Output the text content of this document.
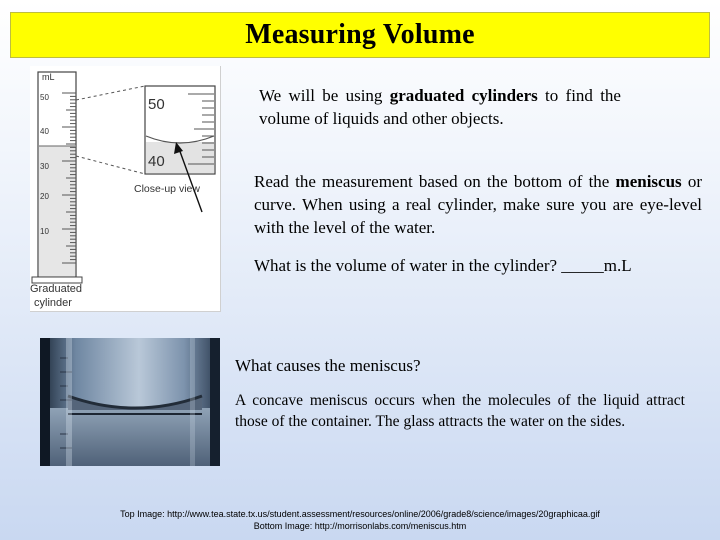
Measuring Volume
mL
50
40
30
20
10
50
40
Close-up view
Graduated
cylinder
We will be using graduated cylinders to find the volume of liquids and other objects.
Read the measurement based on the bottom of the meniscus or curve. When using a real cylinder, make sure you are eye-level with the level of the water.
What is the volume of water in the cylinder? _____m.L
What causes the meniscus?
A concave meniscus occurs when the molecules of the liquid attract those of the container. The glass attracts the water on the sides.
Top Image: http://www.tea.state.tx.us/student.assessment/resources/online/2006/grade8/science/images/20graphicaa.gif
Bottom Image: http://morrisonlabs.com/meniscus.htm
